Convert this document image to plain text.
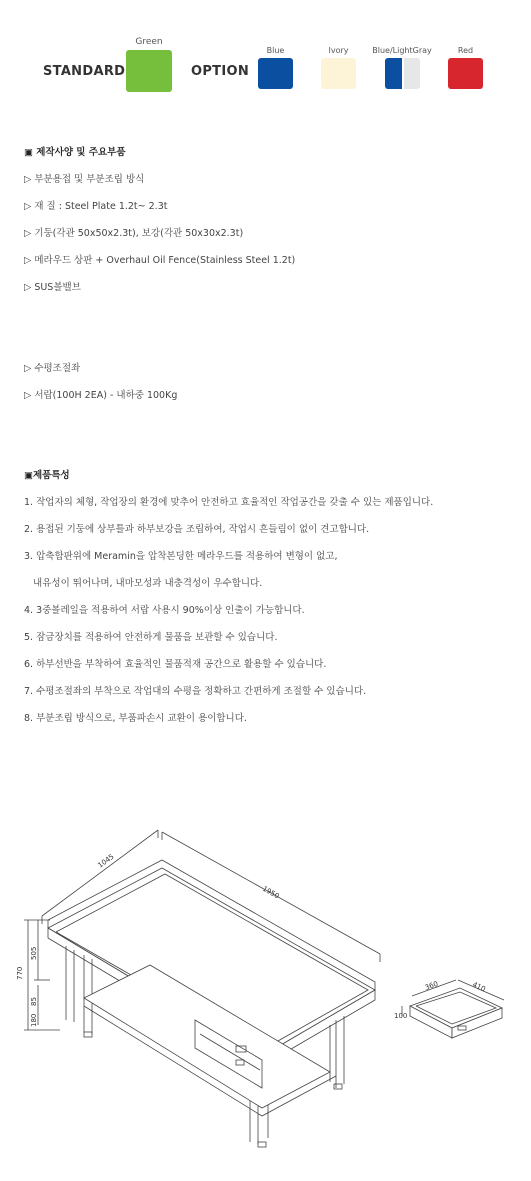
STANDARD
Green
OPTION
Blue	Ivory	Blue/LightGray	Red
▣ 제작사양 및 주요부품
▷ 부분용접 및 부분조립 방식
▷ 재 질 : Steel Plate 1.2t~ 2.3t
▷ 기둥(각관 50x50x2.3t), 보강(각관 50x30x2.3t)
▷ 메라우드 상판 + Overhaul Oil Fence(Stainless Steel 1.2t)
▷ SUS볼밸브
▷ 수평조절좌
▷ 서랍(100H 2EA) - 내하중 100Kg
▣제품특성
1. 작업자의 체형, 작업장의 환경에 맞추어 안전하고 효율적인 작업공간을 갖출 수 있는 제품입니다.
2. 용접된 기둥에 상부틀과 하부보강을 조립하여, 작업시 흔들림이 없이 견고합니다.
3. 압축합판위에 Meramin을 압착본딩한 메라우드를 적용하여 변형이 없고,
내유성이 뛰어나며, 내마모성과 내충격성이 우수합니다.
4. 3중볼레일을 적용하여 서랍 사용시 90%이상 인출이 가능합니다.
5. 잠금장치를 적용하여 안전하게 물품을 보관할 수 있습니다.
6. 하부선반을 부착하여 효율적인 물품적재 공간으로 활용할 수 있습니다.
7. 수평조절좌의 부착으로 작업대의 수평을 정확하고 간편하게 조절할 수 있습니다.
8. 부분조립 방식으로, 부품파손시 교환이 용이합니다.
1045
1950
770
505
180
85
360	410
100
